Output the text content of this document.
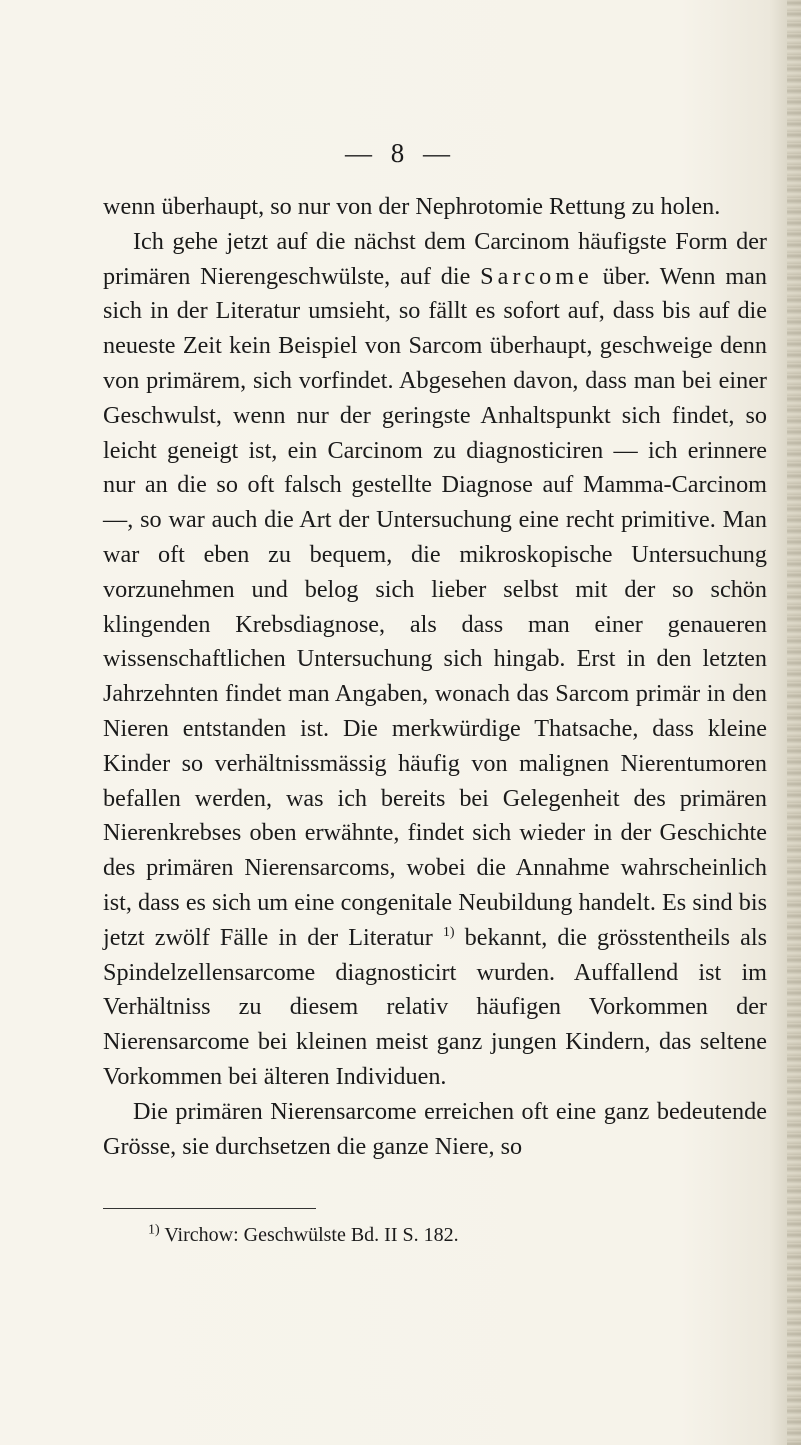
— 8 —

wenn überhaupt, so nur von der Nephrotomie Rettung zu holen.

Ich gehe jetzt auf die nächst dem Carcinom häufigste Form der primären Nierengeschwülste, auf die Sarcome über. Wenn man sich in der Literatur umsieht, so fällt es sofort auf, dass bis auf die neueste Zeit kein Beispiel von Sarcom überhaupt, geschweige denn von primärem, sich vorfindet. Abgesehen davon, dass man bei einer Geschwulst, wenn nur der geringste Anhaltspunkt sich findet, so leicht geneigt ist, ein Carcinom zu diagnosticiren — ich erinnere nur an die so oft falsch gestellte Diagnose auf Mamma-Carcinom —, so war auch die Art der Untersuchung eine recht primitive. Man war oft eben zu bequem, die mikroskopische Untersuchung vorzunehmen und belog sich lieber selbst mit der so schön klingenden Krebsdiagnose, als dass man einer genaueren wissenschaftlichen Untersuchung sich hingab. Erst in den letzten Jahrzehnten findet man Angaben, wonach das Sarcom primär in den Nieren entstanden ist. Die merkwürdige Thatsache, dass kleine Kinder so verhältnissmässig häufig von malignen Nierentumoren befallen werden, was ich bereits bei Gelegenheit des primären Nierenkrebses oben erwähnte, findet sich wieder in der Geschichte des primären Nierensarcoms, wobei die Annahme wahrscheinlich ist, dass es sich um eine congenitale Neubildung handelt. Es sind bis jetzt zwölf Fälle in der Literatur $^{1)}$ bekannt, die grösstentheils als Spindelzellensarcome diagnosticirt wurden. Auffallend ist im Verhältniss zu diesem relativ häufigen Vorkommen der Nierensarcome bei kleinen meist ganz jungen Kindern, das seltene Vorkommen bei älteren Individuen.

Die primären Nierensarcome erreichen oft eine ganz bedeutende Grösse, sie durchsetzen die ganze Niere, so

$^{1)}$ Virchow: Geschwülste Bd. II S. 182.
